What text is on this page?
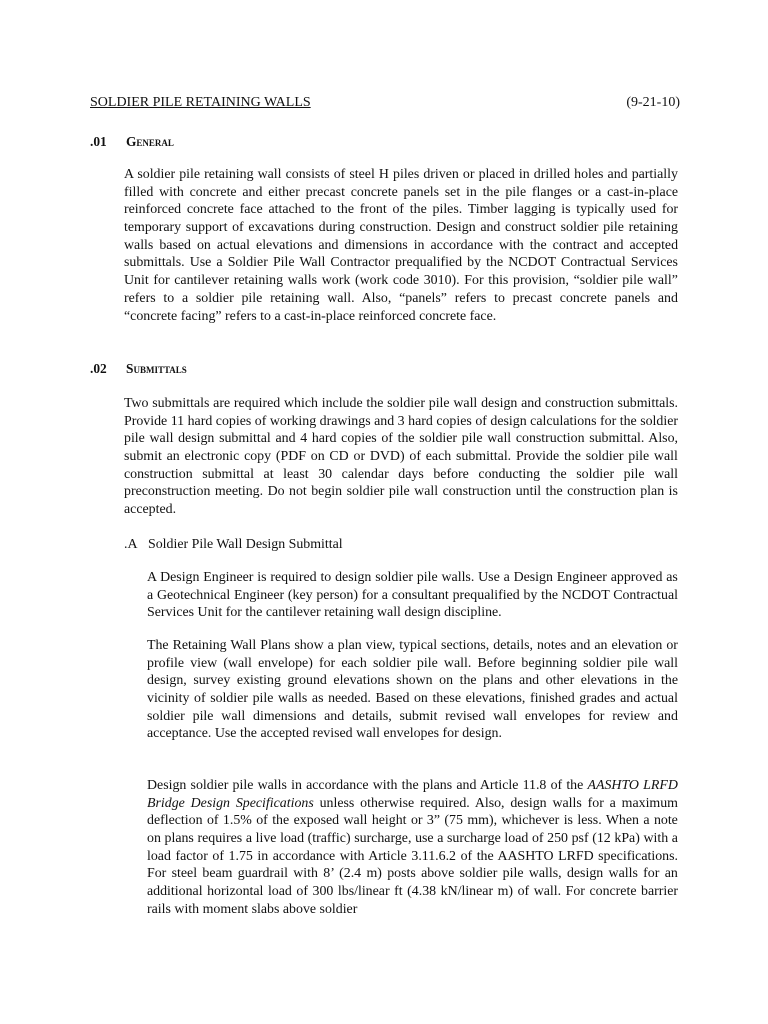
SOLDIER PILE RETAINING WALLS	(9-21-10)
.01 General
A soldier pile retaining wall consists of steel H piles driven or placed in drilled holes and partially
filled with concrete and either precast concrete panels set in the pile flanges or a cast-in-place
reinforced concrete face attached to the front of the piles. Timber lagging is typically used for
temporary support of excavations during construction. Design and construct soldier pile retaining
walls based on actual elevations and dimensions in accordance with the contract and accepted
submittals. Use a Soldier Pile Wall Contractor prequalified by the NCDOT Contractual Services
Unit for cantilever retaining walls work (work code 3010). For this provision, “soldier pile wall”
refers to a soldier pile retaining wall. Also, “panels” refers to precast concrete panels and
“concrete facing” refers to a cast-in-place reinforced concrete face.
.02 Submittals
Two submittals are required which include the soldier pile wall design and construction submittals.
Provide 11 hard copies of working drawings and 3 hard copies of design calculations for the soldier
pile wall design submittal and 4 hard copies of the soldier pile wall construction submittal. Also,
submit an electronic copy (PDF on CD or DVD) of each submittal. Provide the soldier pile wall
construction submittal at least 30 calendar days before conducting the soldier pile wall
preconstruction meeting. Do not begin soldier pile wall construction until the construction plan is
accepted.
.A Soldier Pile Wall Design Submittal
A Design Engineer is required to design soldier pile walls. Use a Design Engineer approved as
a Geotechnical Engineer (key person) for a consultant prequalified by the NCDOT Contractual
Services Unit for the cantilever retaining wall design discipline.
The Retaining Wall Plans show a plan view, typical sections, details, notes and an elevation or
profile view (wall envelope) for each soldier pile wall. Before beginning soldier pile wall
design, survey existing ground elevations shown on the plans and other elevations in the
vicinity of soldier pile walls as needed. Based on these elevations, finished grades and actual
soldier pile wall dimensions and details, submit revised wall envelopes for review and
acceptance. Use the accepted revised wall envelopes for design.
Design soldier pile walls in accordance with the plans and Article 11.8 of the AASHTO LRFD
Bridge Design Specifications unless otherwise required. Also, design walls for a maximum
deflection of 1.5% of the exposed wall height or 3” (75 mm), whichever is less. When a note
on plans requires a live load (traffic) surcharge, use a surcharge load of 250 psf (12 kPa) with a
load factor of 1.75 in accordance with Article 3.11.6.2 of the AASHTO LRFD specifications.
For steel beam guardrail with 8’ (2.4 m) posts above soldier pile walls, design walls for an
additional horizontal load of 300 lbs/linear ft (4.38 kN/linear m) of wall. For concrete barrier
rails with moment slabs above soldier
